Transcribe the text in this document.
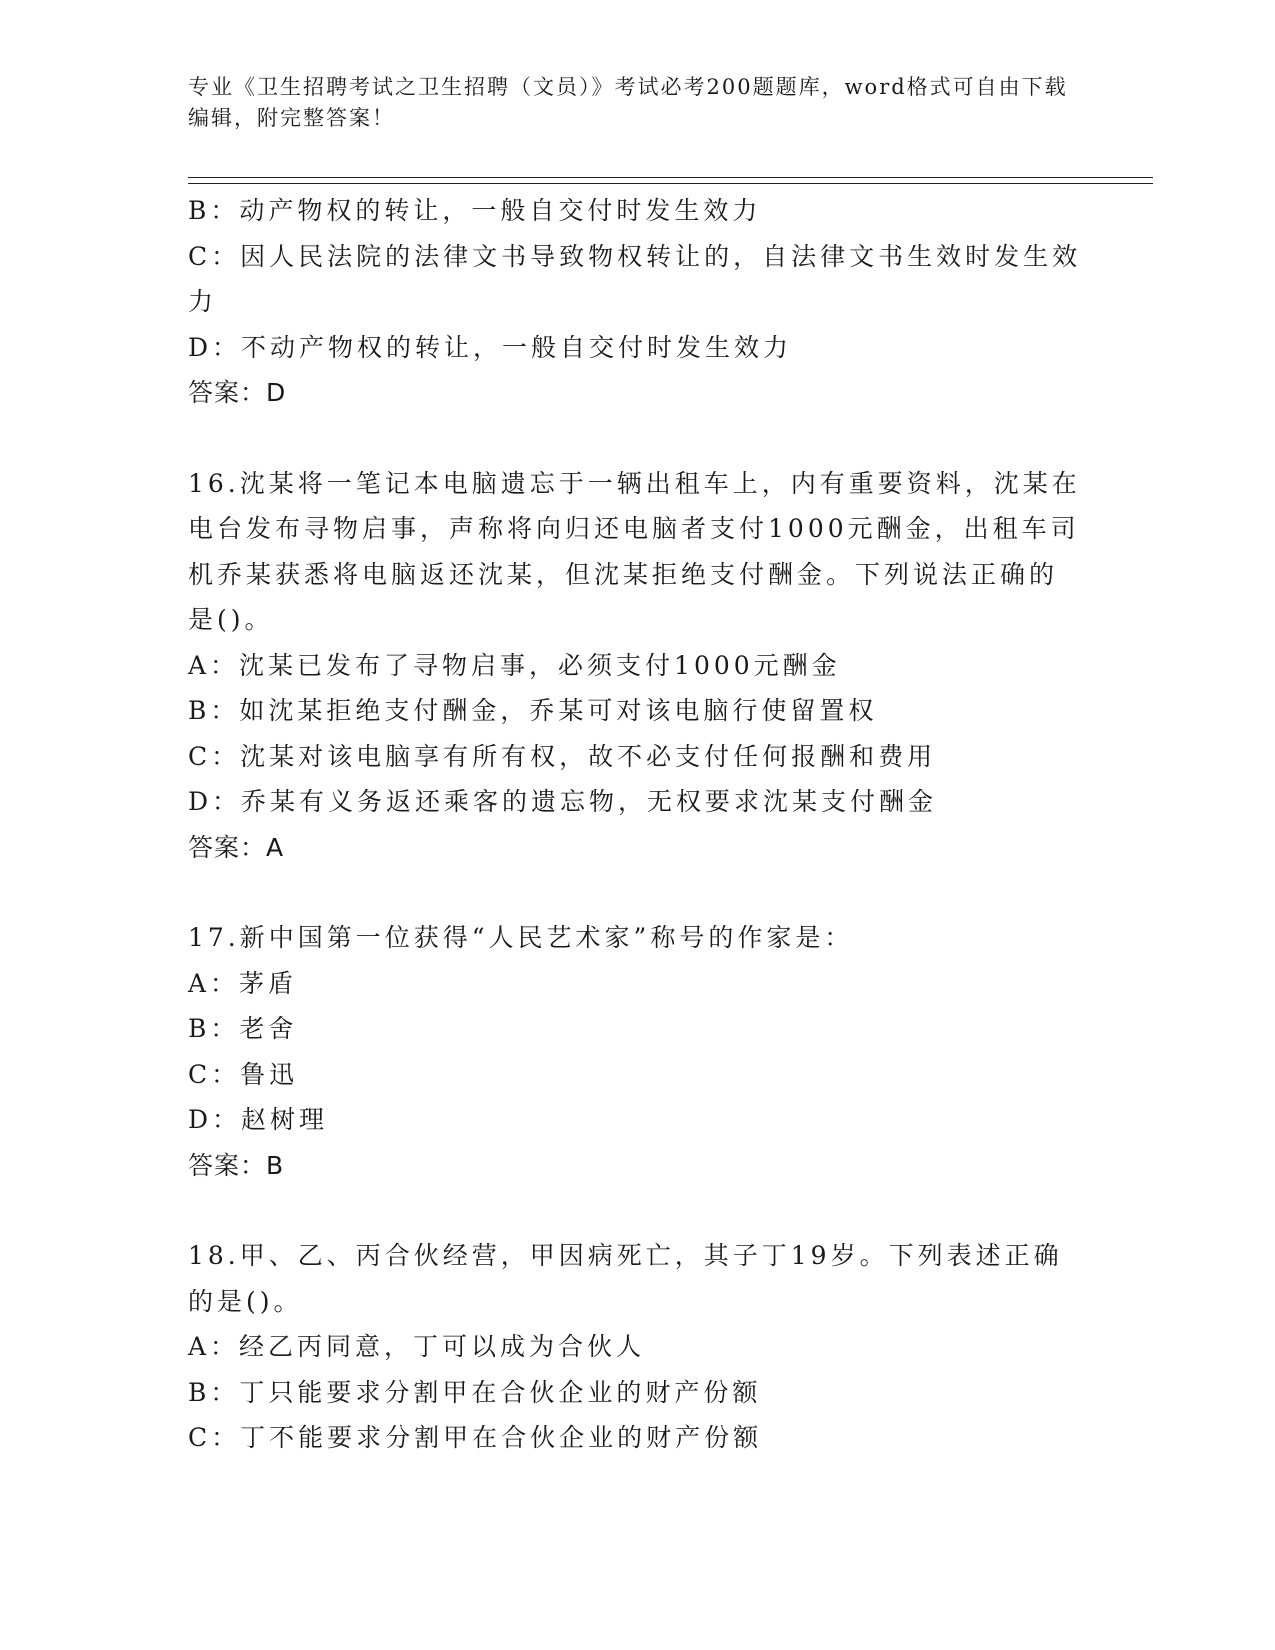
专业《卫生招聘考试之卫生招聘（文员）》考试必考200题题库，word格式可自由下载编辑，附完整答案！
B：动产物权的转让，一般自交付时发生效力
C：因人民法院的法律文书导致物权转让的，自法律文书生效时发生效
力
D：不动产物权的转让，一般自交付时发生效力
答案：D
16.沈某将一笔记本电脑遗忘于一辆出租车上，内有重要资料，沈某在
电台发布寻物启事，声称将向归还电脑者支付1000元酬金，出租车司
机乔某获悉将电脑返还沈某，但沈某拒绝支付酬金。下列说法正确的
是()。
A：沈某已发布了寻物启事，必须支付1000元酬金
B：如沈某拒绝支付酬金，乔某可对该电脑行使留置权
C：沈某对该电脑享有所有权，故不必支付任何报酬和费用
D：乔某有义务返还乘客的遗忘物，无权要求沈某支付酬金
答案：A
17.新中国第一位获得“人民艺术家”称号的作家是：
A：茅盾
B：老舍
C：鲁迅
D：赵树理
答案：B
18.甲、乙、丙合伙经营，甲因病死亡，其子丁19岁。下列表述正确
的是()。
A：经乙丙同意，丁可以成为合伙人
B：丁只能要求分割甲在合伙企业的财产份额
C：丁不能要求分割甲在合伙企业的财产份额
